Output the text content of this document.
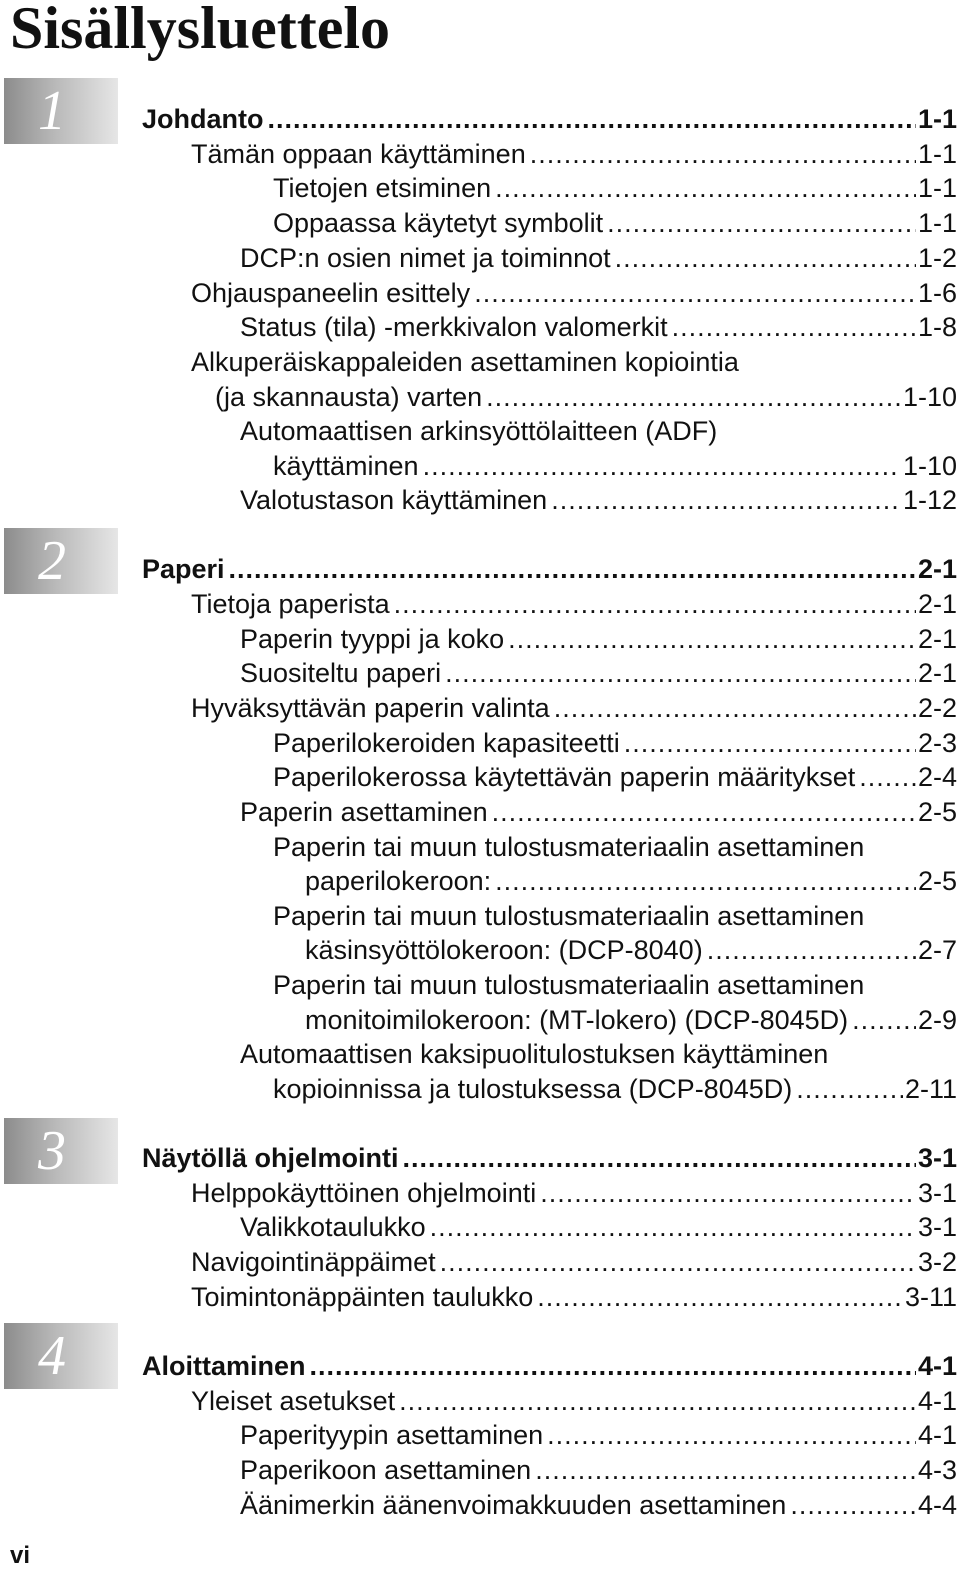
Sisällysluettelo
1
2
3
4
Johdanto .....	1-1
Tämän oppaan käyttäminen .....	1-1
Tietojen etsiminen .....	1-1
Oppaassa käytetyt symbolit .....	1-1
DCP:n osien nimet ja toiminnot .....	1-2
Ohjauspaneelin esittely .....	1-6
Status (tila) -merkkivalon valomerkit .....	1-8
Alkuperäiskappaleiden asettaminen kopiointia
(ja skannausta) varten .....	1-10
Automaattisen arkinsyöttölaitteen (ADF)
käyttäminen .....	1-10
Valotustason käyttäminen .....	1-12
Paperi .....	2-1
Tietoja paperista .....	2-1
Paperin tyyppi ja koko .....	2-1
Suositeltu paperi .....	2-1
Hyväksyttävän paperin valinta .....	2-2
Paperilokeroiden kapasiteetti .....	2-3
Paperilokerossa käytettävän paperin määritykset ..... 2-4
Paperin asettaminen .....	2-5
Paperin tai muun tulostusmateriaalin asettaminen
paperilokeroon: .....	2-5
Paperin tai muun tulostusmateriaalin asettaminen
käsinsyöttölokeroon: (DCP-8040) .....	2-7
Paperin tai muun tulostusmateriaalin asettaminen
monitoimilokeroon: (MT-lokero) (DCP-8045D) .....	2-9
Automaattisen kaksipuolitulostuksen käyttäminen
kopioinnissa ja tulostuksessa (DCP-8045D) .....	2-11
Näytöllä ohjelmointi .....	3-1
Helppokäyttöinen ohjelmointi .....	3-1
Valikkotaulukko .....	3-1
Navigointinäppäimet .....	3-2
Toimintonäppäinten taulukko .....	3-11
Aloittaminen .....	4-1
Yleiset asetukset .....	4-1
Paperityypin asettaminen .....	4-1
Paperikoon asettaminen .....	4-3
Äänimerkin äänenvoimakkuuden asettaminen .....	4-4
vi
